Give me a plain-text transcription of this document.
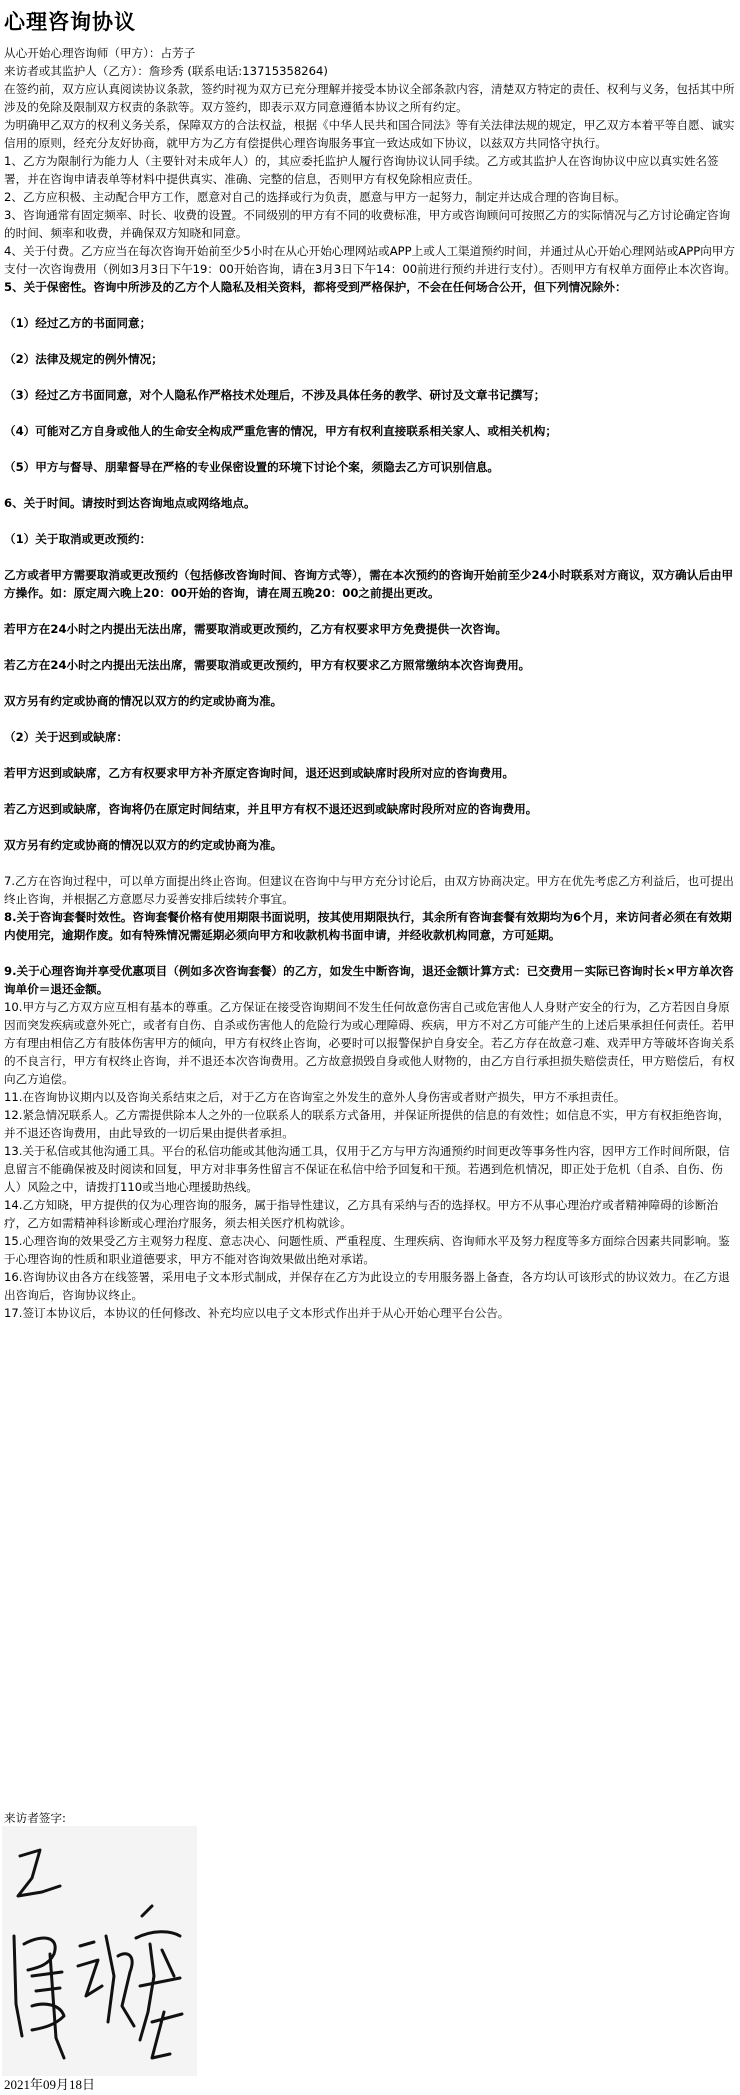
心理咨询协议
从心开始心理咨询师（甲方）：占芳子
来访者或其监护人（乙方）：詹珍秀 (联系电话:13715358264)
在签约前，双方应认真阅读协议条款，签约时视为双方已充分理解并接受本协议全部条款内容，清楚双方特定的责任、权利与义务，包括其中所涉及的免除及限制双方权责的条款等。双方签约，即表示双方同意遵循本协议之所有约定。
为明确甲乙双方的权利义务关系，保障双方的合法权益，根据《中华人民共和国合同法》等有关法律法规的规定，甲乙双方本着平等自愿、诚实信用的原则，经充分友好协商，就甲方为乙方有偿提供心理咨询服务事宜一致达成如下协议，以兹双方共同恪守执行。
1、乙方为限制行为能力人（主要针对未成年人）的，其应委托监护人履行咨询协议认同手续。乙方或其监护人在咨询协议中应以真实姓名签署，并在咨询申请表单等材料中提供真实、准确、完整的信息，否则甲方有权免除相应责任。
2、乙方应积极、主动配合甲方工作，愿意对自己的选择或行为负责，愿意与甲方一起努力，制定并达成合理的咨询目标。
3、咨询通常有固定频率、时长、收费的设置。不同级别的甲方有不同的收费标准，甲方或咨询顾问可按照乙方的实际情况与乙方讨论确定咨询的时间、频率和收费，并确保双方知晓和同意。
4、关于付费。乙方应当在每次咨询开始前至少5小时在从心开始心理网站或APP上或人工渠道预约时间，并通过从心开始心理网站或APP向甲方支付一次咨询费用（例如3月3日下午19：00开始咨询，请在3月3日下午14：00前进行预约并进行支付）。否则甲方有权单方面停止本次咨询。
5、关于保密性。咨询中所涉及的乙方个人隐私及相关资料，都将受到严格保护，不会在任何场合公开，但下列情况除外：
（1）经过乙方的书面同意；
（2）法律及规定的例外情况；
（3）经过乙方书面同意，对个人隐私作严格技术处理后，不涉及具体任务的教学、研讨及文章书记撰写；
（4）可能对乙方自身或他人的生命安全构成严重危害的情况，甲方有权利直接联系相关家人、或相关机构；
（5）甲方与督导、朋辈督导在严格的专业保密设置的环境下讨论个案，须隐去乙方可识别信息。
6、关于时间。请按时到达咨询地点或网络地点。
（1）关于取消或更改预约：
乙方或者甲方需要取消或更改预约（包括修改咨询时间、咨询方式等），需在本次预约的咨询开始前至少24小时联系对方商议，双方确认后由甲方操作。如：原定周六晚上20：00开始的咨询，请在周五晚20：00之前提出更改。
若甲方在24小时之内提出无法出席，需要取消或更改预约，乙方有权要求甲方免费提供一次咨询。
若乙方在24小时之内提出无法出席，需要取消或更改预约，甲方有权要求乙方照常缴纳本次咨询费用。
双方另有约定或协商的情况以双方的约定或协商为准。
（2）关于迟到或缺席：
若甲方迟到或缺席，乙方有权要求甲方补齐原定咨询时间，退还迟到或缺席时段所对应的咨询费用。
若乙方迟到或缺席，咨询将仍在原定时间结束，并且甲方有权不退还迟到或缺席时段所对应的咨询费用。
双方另有约定或协商的情况以双方的约定或协商为准。
7.乙方在咨询过程中，可以单方面提出终止咨询。但建议在咨询中与甲方充分讨论后，由双方协商决定。甲方在优先考虑乙方利益后，也可提出终止咨询，并根据乙方意愿尽力妥善安排后续转介事宜。
8.关于咨询套餐时效性。咨询套餐价格有使用期限书面说明，按其使用期限执行，其余所有咨询套餐有效期均为6个月，来访问者必须在有效期内使用完，逾期作废。如有特殊情况需延期必须向甲方和收款机构书面申请，并经收款机构同意，方可延期。
9.关于心理咨询并享受优惠项目（例如多次咨询套餐）的乙方，如发生中断咨询，退还金额计算方式：已交费用－实际已咨询时长×甲方单次咨询单价＝退还金额。
10.甲方与乙方双方应互相有基本的尊重。乙方保证在接受咨询期间不发生任何故意伤害自己或危害他人人身财产安全的行为，乙方若因自身原因而突发疾病或意外死亡，或者有自伤、自杀或伤害他人的危险行为或心理障碍、疾病，甲方不对乙方可能产生的上述后果承担任何责任。若甲方有理由相信乙方有肢体伤害甲方的倾向，甲方有权终止咨询，必要时可以报警保护自身安全。若乙方存在故意刁难、戏弄甲方等破坏咨询关系的不良言行，甲方有权终止咨询，并不退还本次咨询费用。乙方故意损毁自身或他人财物的，由乙方自行承担损失赔偿责任，甲方赔偿后，有权向乙方追偿。
11.在咨询协议期内以及咨询关系结束之后，对于乙方在咨询室之外发生的意外人身伤害或者财产损失，甲方不承担责任。
12.紧急情况联系人。乙方需提供除本人之外的一位联系人的联系方式备用，并保证所提供的信息的有效性；如信息不实，甲方有权拒绝咨询，并不退还咨询费用，由此导致的一切后果由提供者承担。
13.关于私信或其他沟通工具。平台的私信功能或其他沟通工具，仅用于乙方与甲方沟通预约时间更改等事务性内容，因甲方工作时间所限，信息留言不能确保被及时阅读和回复，甲方对非事务性留言不保证在私信中给予回复和干预。若遇到危机情况，即正处于危机（自杀、自伤、伤人）风险之中，请拨打110或当地心理援助热线。
14.乙方知晓，甲方提供的仅为心理咨询的服务，属于指导性建议，乙方具有采纳与否的选择权。甲方不从事心理治疗或者精神障碍的诊断治疗，乙方如需精神科诊断或心理治疗服务，须去相关医疗机构就诊。
15.心理咨询的效果受乙方主观努力程度、意志决心、问题性质、严重程度、生理疾病、咨询师水平及努力程度等多方面综合因素共同影响。鉴于心理咨询的性质和职业道德要求，甲方不能对咨询效果做出绝对承诺。
16.咨询协议由各方在线签署，采用电子文本形式制成，并保存在乙方为此设立的专用服务器上备查，各方均认可该形式的协议效力。在乙方退出咨询后，咨询协议终止。
17.签订本协议后，本协议的任何修改、补充均应以电子文本形式作出并于从心开始心理平台公告。
来访者签字:
2021年09月18日
